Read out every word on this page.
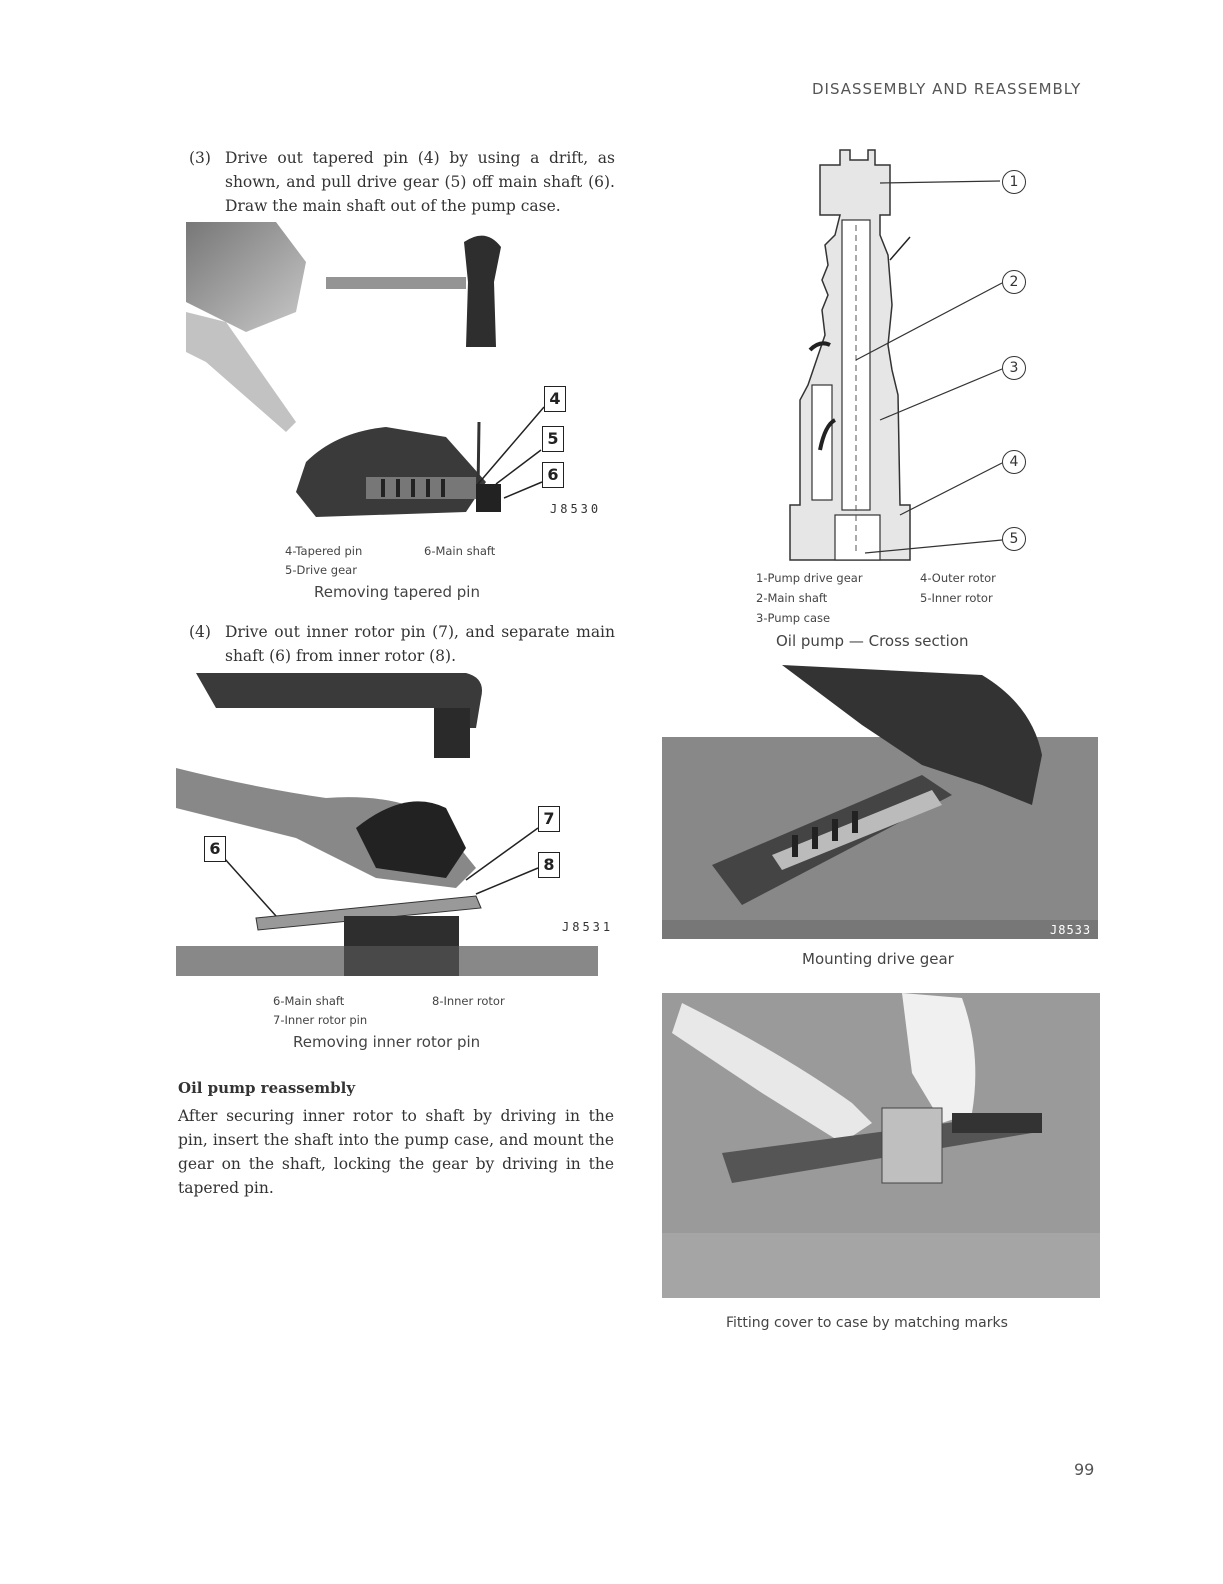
DISASSEMBLY AND REASSEMBLY
(3) Drive out tapered pin (4) by using a drift, as shown, and pull drive gear (5) off main shaft (6). Draw the main shaft out of the pump case.
4
5
6
J8530
4-Tapered pin	6-Main shaft
5-Drive gear
Removing tapered pin
(4) Drive out inner rotor pin (7), and separate main shaft (6) from inner rotor (8).
6
7
8
J8531
6-Main shaft	8-Inner rotor
7-Inner rotor pin
Removing inner rotor pin
Oil pump reassembly
After securing inner rotor to shaft by driving in the pin, insert the shaft into the pump case, and mount the gear on the shaft, locking the gear by driving in the tapered pin.
1
2
3
4
5
1-Pump drive gear	4-Outer rotor
2-Main shaft	5-Inner rotor
3-Pump case
Oil pump — Cross section
J8533
Mounting drive gear
Fitting cover to case by matching marks
99
